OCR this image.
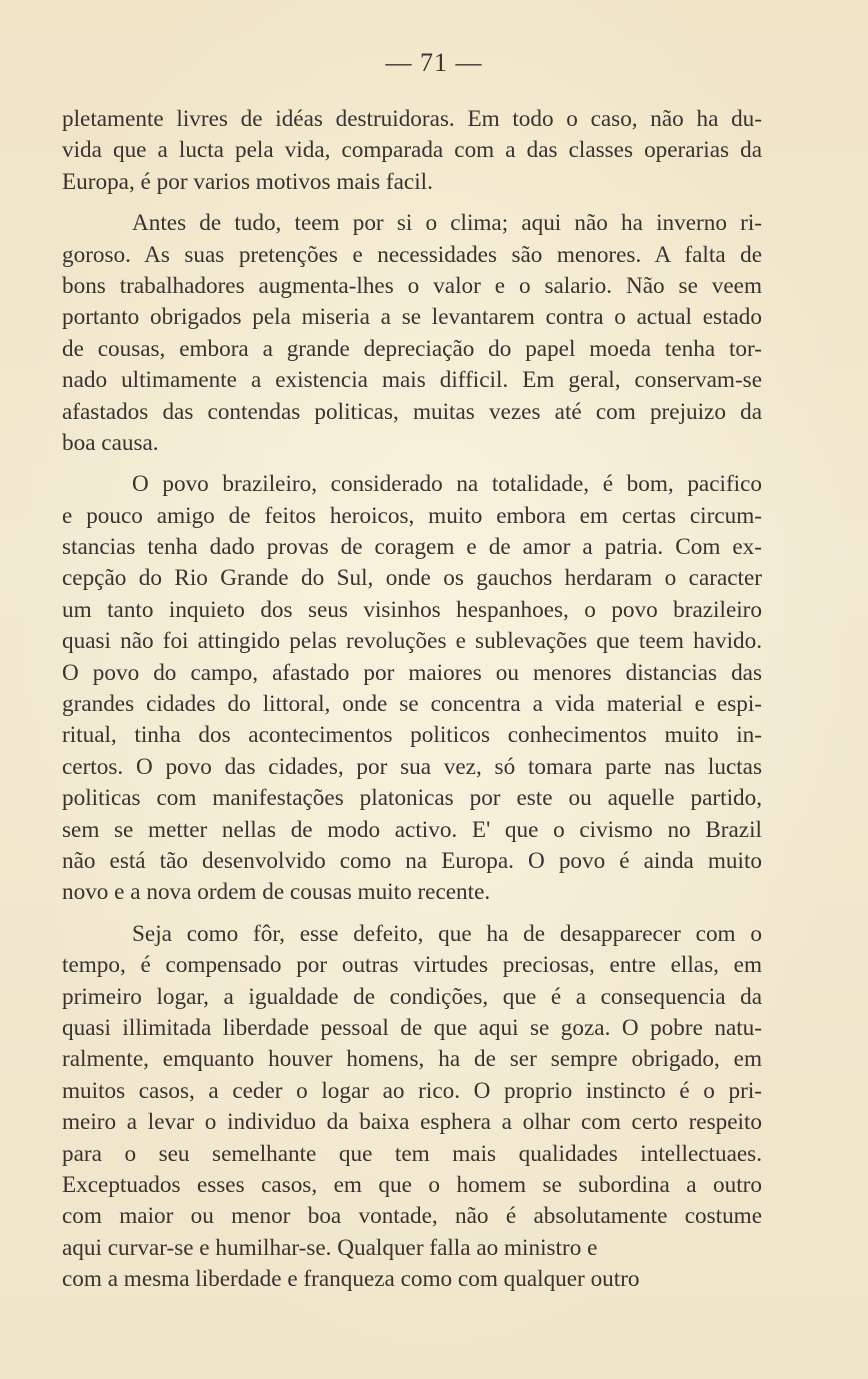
— 71 —
pletamente livres de idéas destruidoras. Em todo o caso, não ha du-
vida que a lucta pela vida, comparada com a das classes operarias da
Europa, é por varios motivos mais facil.
Antes de tudo, teem por si o clima; aqui não ha inverno ri-
goroso. As suas pretenções e necessidades são menores. A falta de
bons trabalhadores augmenta-lhes o valor e o salario. Não se veem
portanto obrigados pela miseria a se levantarem contra o actual estado
de cousas, embora a grande depreciação do papel moeda tenha tor-
nado ultimamente a existencia mais difficil. Em geral, conservam-se
afastados das contendas politicas, muitas vezes até com prejuizo da
boa causa.
O povo brazileiro, considerado na totalidade, é bom, pacifico
e pouco amigo de feitos heroicos, muito embora em certas circum-
stancias tenha dado provas de coragem e de amor a patria. Com ex-
cepção do Rio Grande do Sul, onde os gauchos herdaram o caracter
um tanto inquieto dos seus visinhos hespanhoes, o povo brazileiro
quasi não foi attingido pelas revoluções e sublevações que teem havido.
O povo do campo, afastado por maiores ou menores distancias das
grandes cidades do littoral, onde se concentra a vida material e espi-
ritual, tinha dos acontecimentos politicos conhecimentos muito in-
certos. O povo das cidades, por sua vez, só tomara parte nas luctas
politicas com manifestações platonicas por este ou aquelle partido,
sem se metter nellas de modo activo. E' que o civismo no Brazil
não está tão desenvolvido como na Europa. O povo é ainda muito
novo e a nova ordem de cousas muito recente.
Seja como fôr, esse defeito, que ha de desapparecer com o
tempo, é compensado por outras virtudes preciosas, entre ellas, em
primeiro logar, a igualdade de condições, que é a consequencia da
quasi illimitada liberdade pessoal de que aqui se goza. O pobre natu-
ralmente, emquanto houver homens, ha de ser sempre obrigado, em
muitos casos, a ceder o logar ao rico. O proprio instincto é o pri-
meiro a levar o individuo da baixa esphera a olhar com certo respeito
para o seu semelhante que tem mais qualidades intellectuaes.
Exceptuados esses casos, em que o homem se subordina a outro
com maior ou menor boa vontade, não é absolutamente costume
aqui curvar-se e humilhar-se. Qualquer falla ao ministro e
com a mesma liberdade e franqueza como com qualquer outro
